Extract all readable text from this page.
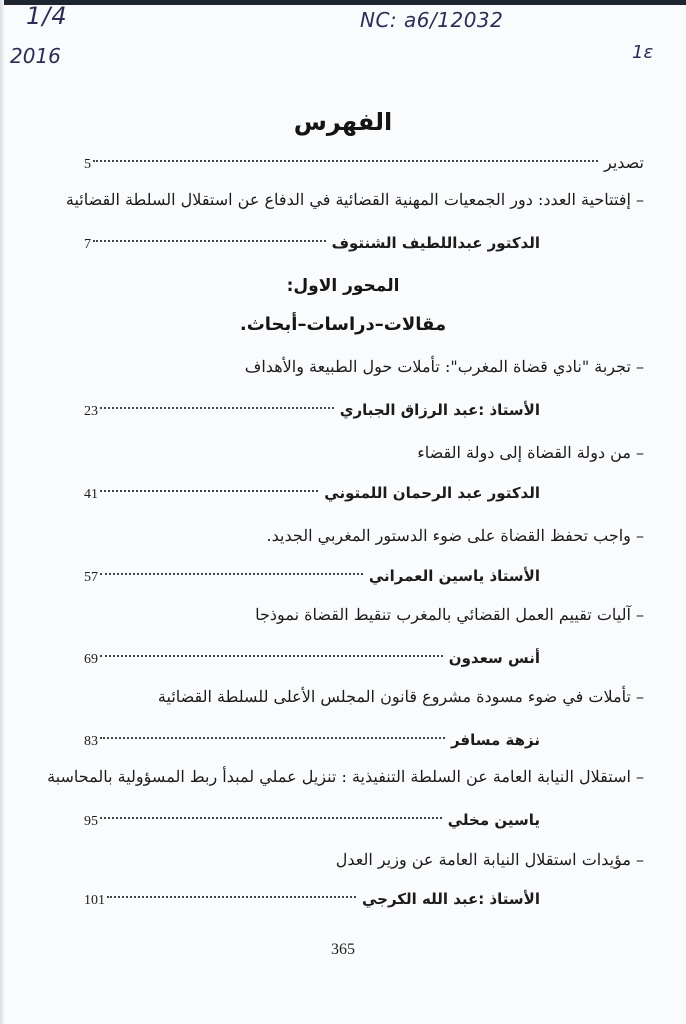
1/4
2016
NC: a6/12032
1ε
الفهرس
تصدير
5
– إفتتاحية العدد: دور الجمعيات المهنية القضائية في الدفاع عن استقلال السلطة القضائية
الدكتور عبداللطيف الشنتوف
7
– تجربة "نادي قضاة المغرب": تأملات حول الطبيعة والأهداف
الأستاذ :عبد الرزاق الجباري
23
– من دولة القضاة إلى دولة القضاء
الدكتور عبد الرحمان اللمتوني
41
– واجب تحفظ القضاة على ضوء الدستور المغربي الجديد.
الأستاذ ياسين العمراني
57
– آليات تقييم العمل القضائي بالمغرب تنقيط القضاة نموذجا
أنس سعدون
69
– تأملات في ضوء مسودة مشروع قانون المجلس الأعلى للسلطة القضائية
نزهة مسافر
83
– استقلال النيابة العامة عن السلطة التنفيذية : تنزيل عملي لمبدأ ربط المسؤولية بالمحاسبة
ياسين مخلي
95
– مؤيدات استقلال النيابة العامة عن وزير العدل
الأستاذ :عبد الله الكرجي
101
المحور الاول:
مقالات–دراسات–أبحاث.
365
